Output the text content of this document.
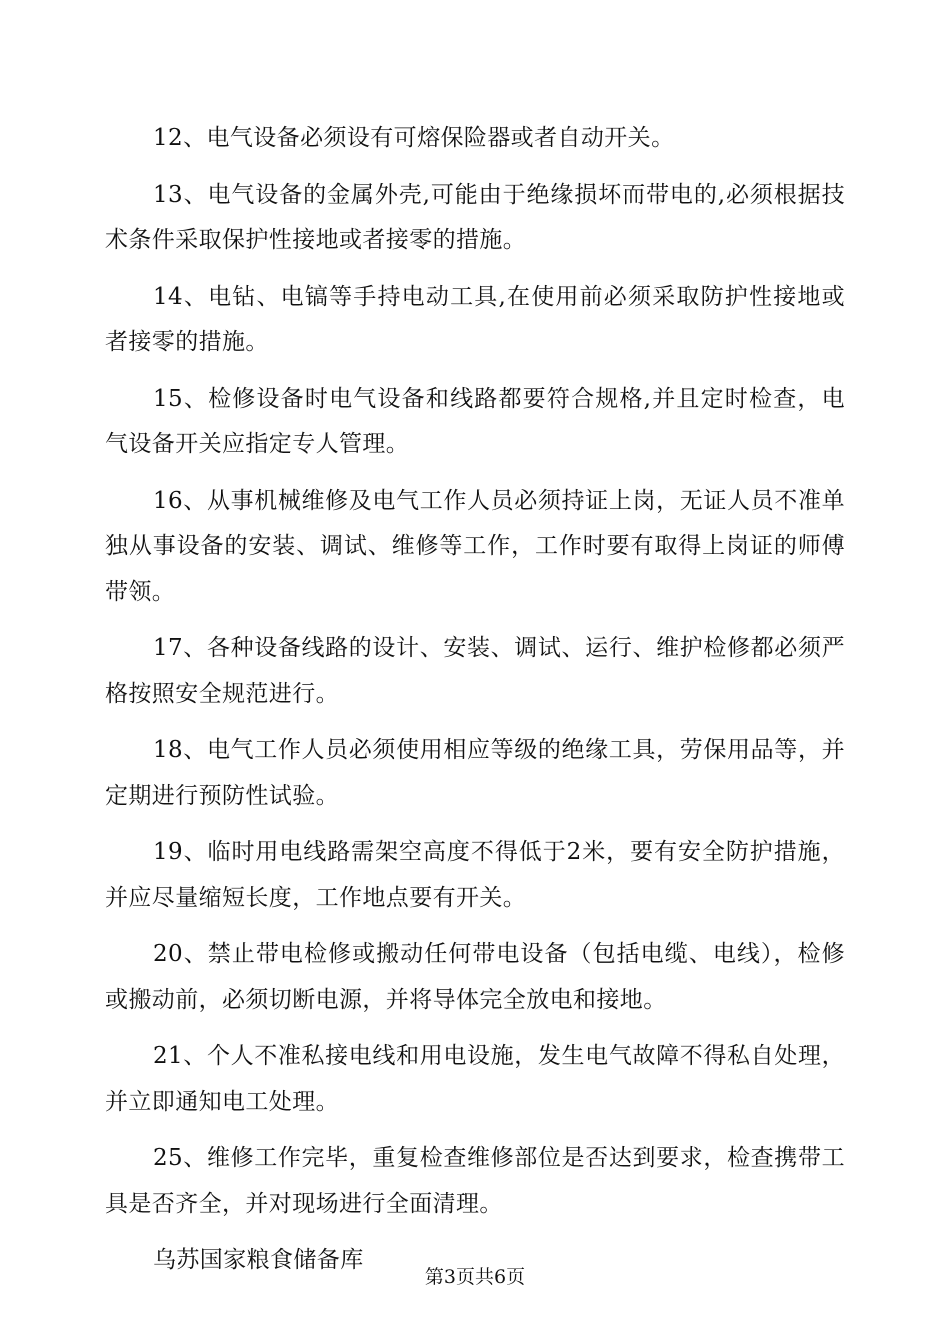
12、电气设备必须设有可熔保险器或者自动开关。

13、电气设备的金属外壳,可能由于绝缘损坏而带电的,必须根据技术条件采取保护性接地或者接零的措施。

14、电钻、电镐等手持电动工具,在使用前必须采取防护性接地或者接零的措施。

15、检修设备时电气设备和线路都要符合规格,并且定时检查，电气设备开关应指定专人管理。

16、从事机械维修及电气工作人员必须持证上岗，无证人员不准单独从事设备的安装、调试、维修等工作，工作时要有取得上岗证的师傅带领。

17、各种设备线路的设计、安装、调试、运行、维护检修都必须严格按照安全规范进行。

18、电气工作人员必须使用相应等级的绝缘工具，劳保用品等，并定期进行预防性试验。

19、临时用电线路需架空高度不得低于2米，要有安全防护措施，并应尽量缩短长度，工作地点要有开关。

20、禁止带电检修或搬动任何带电设备（包括电缆、电线），检修或搬动前，必须切断电源，并将导体完全放电和接地。

21、个人不准私接电线和用电设施，发生电气故障不得私自处理，并立即通知电工处理。

25、维修工作完毕，重复检查维修部位是否达到要求，检查携带工具是否齐全，并对现场进行全面清理。

乌苏国家粮食储备库

第3页共6页
